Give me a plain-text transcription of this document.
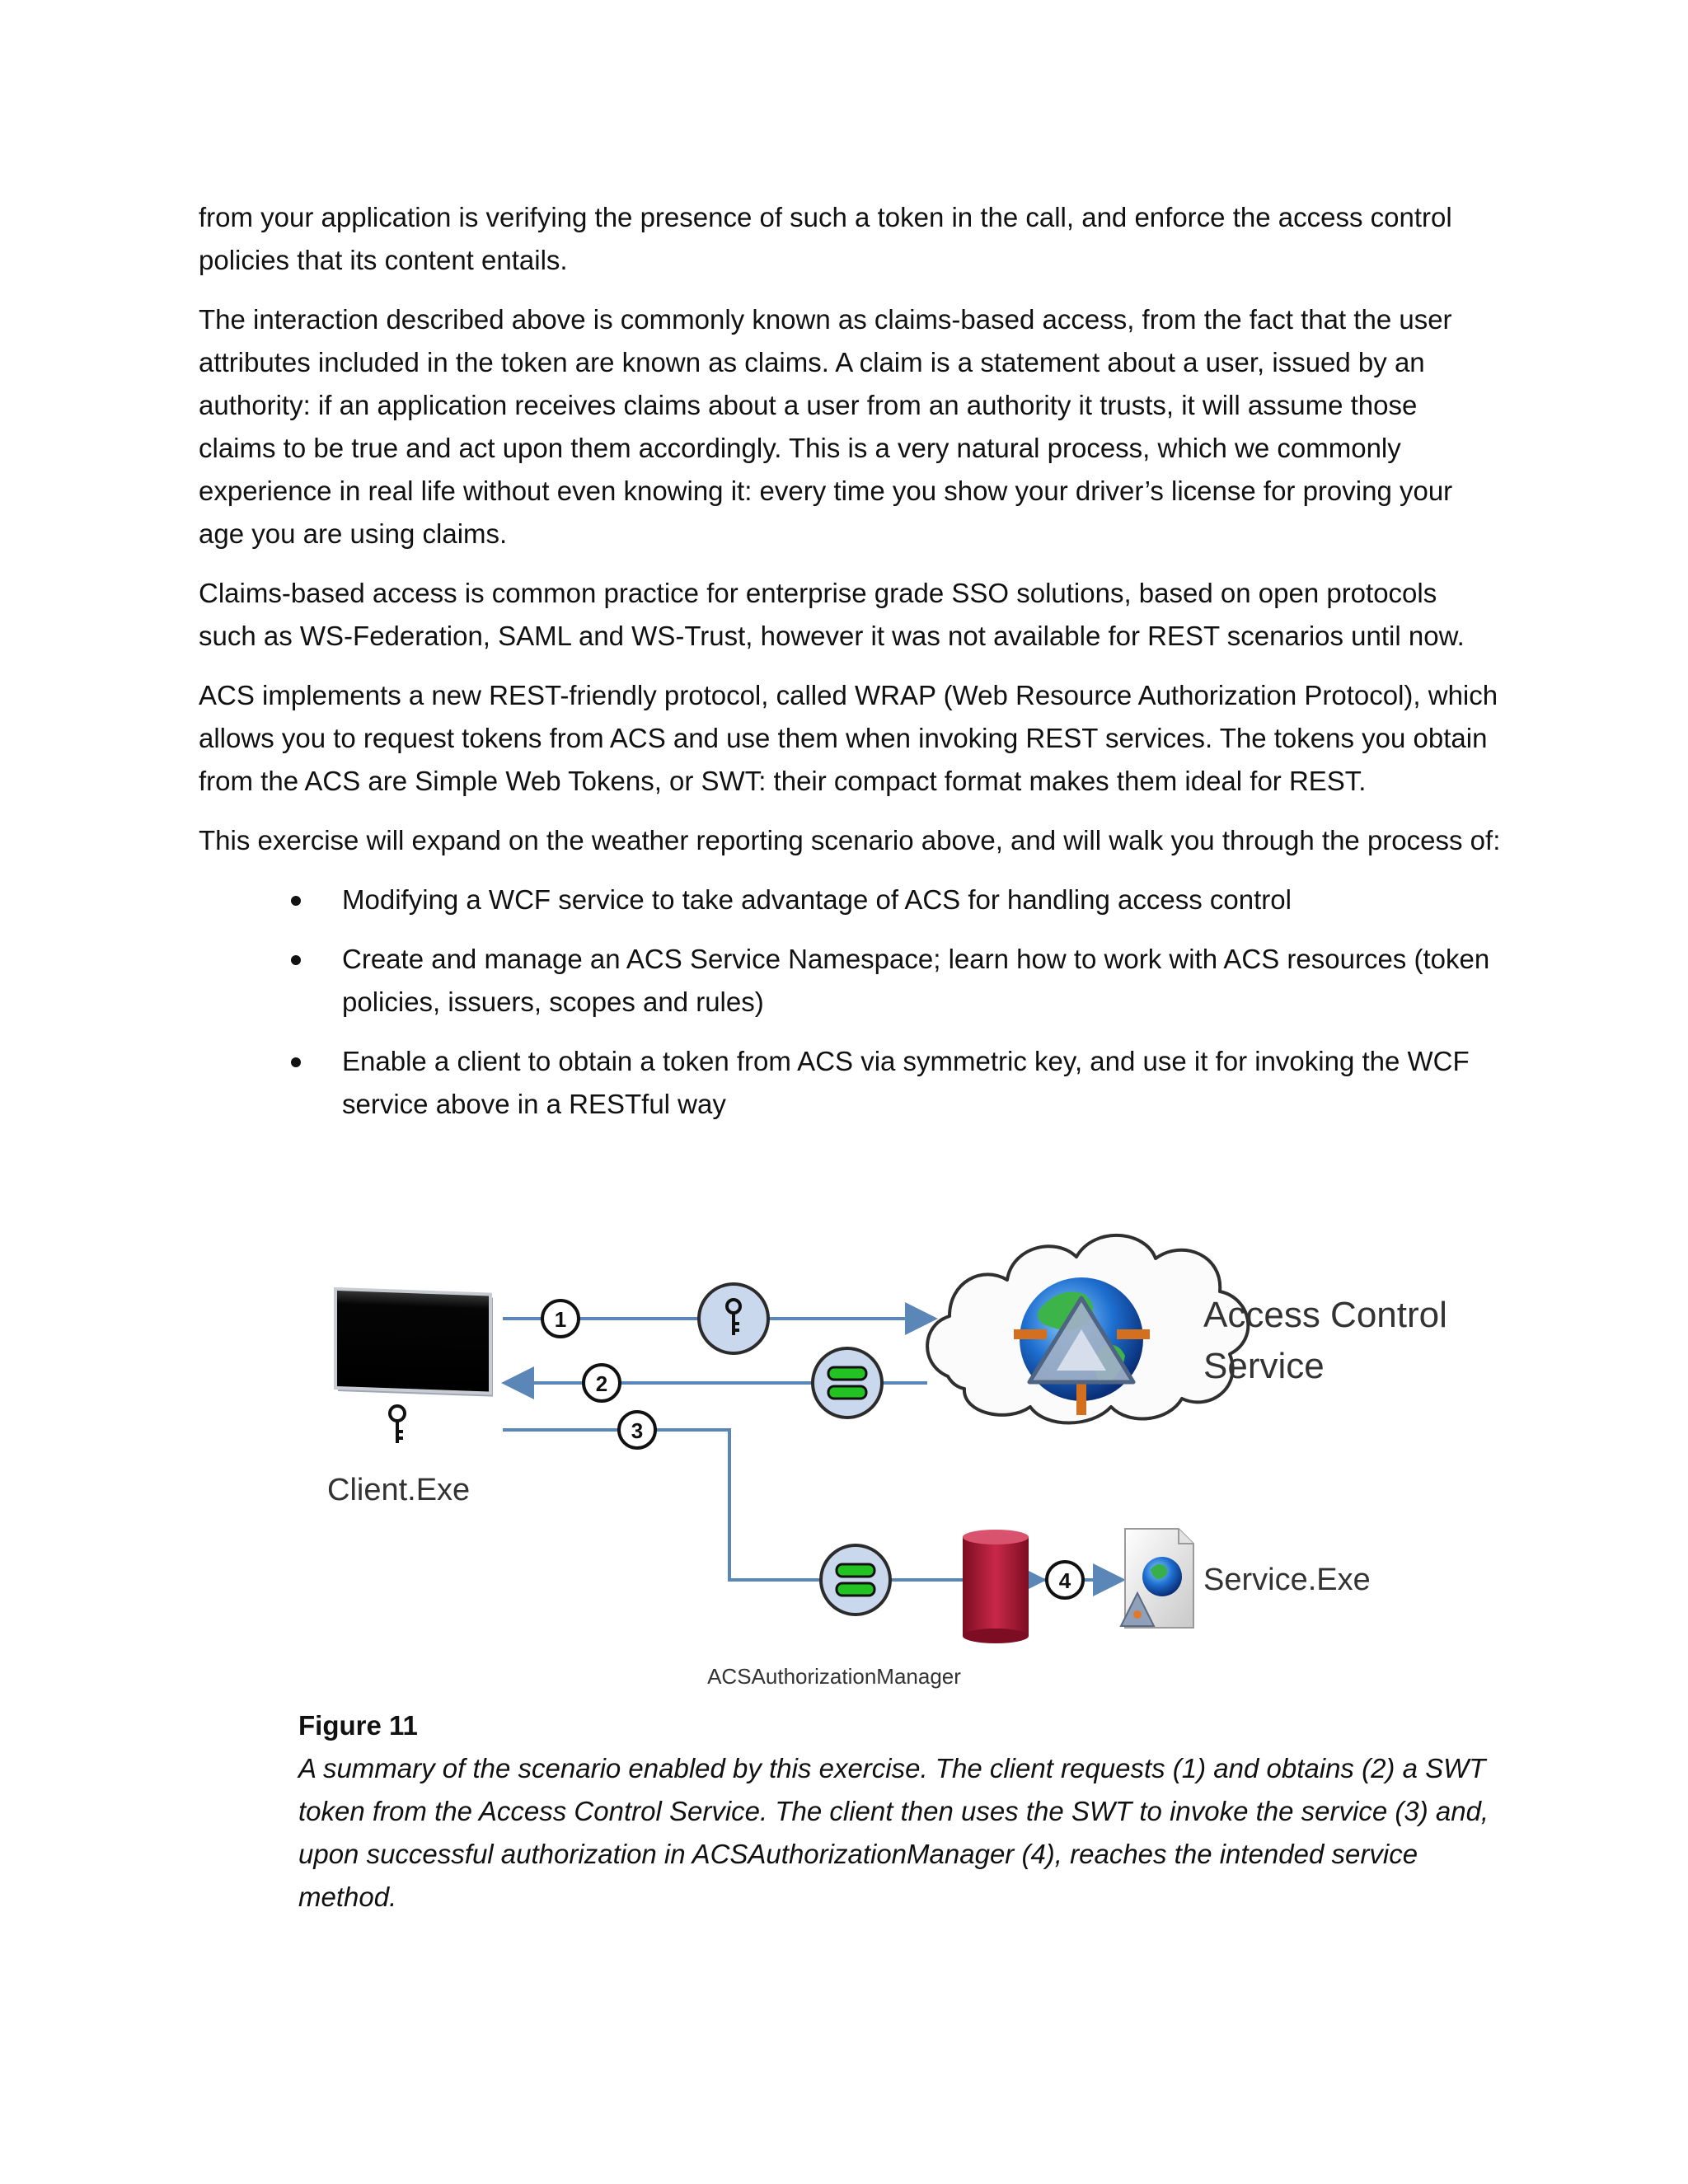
from your application is verifying the presence of such a token in the call, and enforce the access control policies that its content entails.

The interaction described above is commonly known as claims-based access, from the fact that the user attributes included in the token are known as claims. A claim is a statement about a user, issued by an authority: if an application receives claims about a user from an authority it trusts, it will assume those claims to be true and act upon them accordingly. This is a very natural process, which we commonly experience in real life without even knowing it: every time you show your driver’s license for proving your age you are using claims.

Claims-based access is common practice for enterprise grade SSO solutions, based on open protocols such as WS-Federation, SAML and WS-Trust, however it was not available for REST scenarios until now.

ACS implements a new REST-friendly protocol, called WRAP (Web Resource Authorization Protocol), which allows you to request tokens from ACS and use them when invoking REST services. The tokens you obtain from the ACS are Simple Web Tokens, or SWT: their compact format makes them ideal for REST.

This exercise will expand on the weather reporting scenario above, and will walk you through the process of:

Modifying a WCF service to take advantage of ACS for handling access control
Create and manage an ACS Service Namespace; learn how to work with ACS resources (token policies, issuers, scopes and rules)
Enable a client to obtain a token from ACS via symmetric key, and use it for invoking the WCF service above in a RESTful way
Client.Exe
1
2
3
4	Service.Exe
ACSAuthorizationManager
Access Control
Service
Figure 11
A summary of the scenario enabled by this exercise. The client requests (1) and obtains (2) a SWT token from the Access Control Service. The client then uses the SWT to invoke the service (3) and, upon successful authorization in ACSAuthorizationManager (4), reaches the intended service method.
